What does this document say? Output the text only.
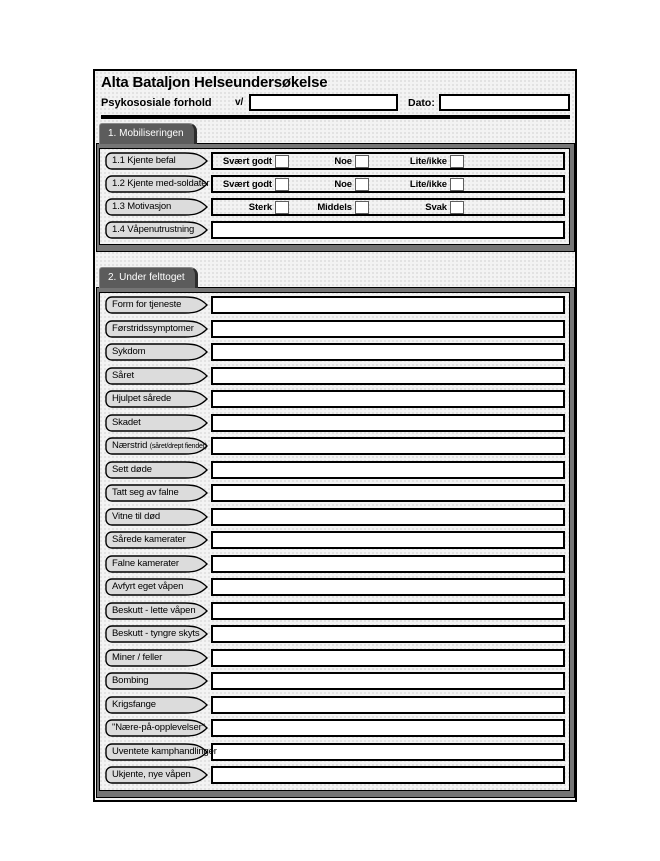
Alta Bataljon Helseundersøkelse
Psykososiale forhold	v/	Dato:
1. Mobiliseringen
1.1 Kjente befal	Svært godt	Noe	Lite/ikke
1.2 Kjente med-soldater	Svært godt	Noe	Lite/ikke
1.3 Motivasjon	Sterk	Middels	Svak
1.4 Våpenutrustning
2. Under felttoget
Form for tjeneste
Førstridssymptomer
Sykdom
Såret
Hjulpet sårede
Skadet
Nærstrid (såret/drept fiender)
Sett døde
Tatt seg av falne
Vitne til død
Sårede kamerater
Falne kamerater
Avfyrt eget våpen
Beskutt - lette våpen
Beskutt - tyngre skyts
Miner / feller
Bombing
Krigsfange
"Nære-på-opplevelser"
Uventete kamphandlinger
Ukjente, nye våpen
